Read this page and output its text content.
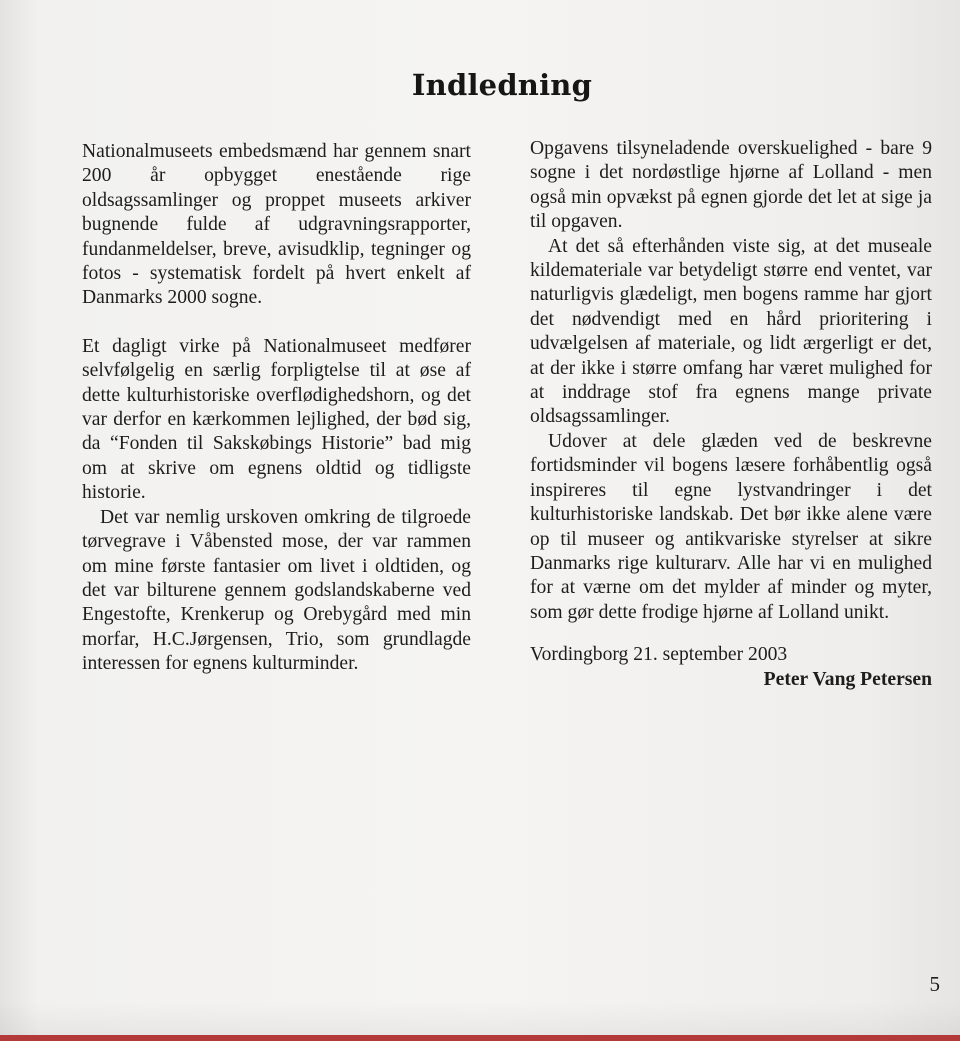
Indledning

Nationalmuseets embedsmænd har gennem snart 200 år opbygget enestående rige oldsagssamlinger og proppet museets arkiver bugnende fulde af udgravningsrapporter, fundanmeldelser, breve, avisudklip, tegninger og fotos - systematisk fordelt på hvert enkelt af Danmarks 2000 sogne.

Et dagligt virke på Nationalmuseet medfører selvfølgelig en særlig forpligtelse til at øse af dette kulturhistoriske overflødighedshorn, og det var derfor en kærkommen lejlighed, der bød sig, da “Fonden til Sakskøbings Historie” bad mig om at skrive om egnens oldtid og tidligste historie.

Det var nemlig urskoven omkring de tilgroede tørvegrave i Våbensted mose, der var rammen om mine første fantasier om livet i oldtiden, og det var bilturene gennem godslandskaberne ved Engestofte, Krenkerup og Orebygård med min morfar, H.C.Jørgensen, Trio, som grundlagde interessen for egnens kulturminder.

Opgavens tilsyneladende overskuelighed - bare 9 sogne i det nordøstlige hjørne af Lolland - men også min opvækst på egnen gjorde det let at sige ja til opgaven.

At det så efterhånden viste sig, at det museale kildemateriale var betydeligt større end ventet, var naturligvis glædeligt, men bogens ramme har gjort det nødvendigt med en hård prioritering i udvælgelsen af materiale, og lidt ærgerligt er det, at der ikke i større omfang har været mulighed for at inddrage stof fra egnens mange private oldsagssamlinger.

Udover at dele glæden ved de beskrevne fortidsminder vil bogens læsere forhåbentlig også inspireres til egne lystvandringer i det kulturhistoriske landskab. Det bør ikke alene være op til museer og antikvariske styrelser at sikre Danmarks rige kulturarv. Alle har vi en mulighed for at værne om det mylder af minder og myter, som gør dette frodige hjørne af Lolland unikt.

Vordingborg 21. september 2003

Peter Vang Petersen

5
